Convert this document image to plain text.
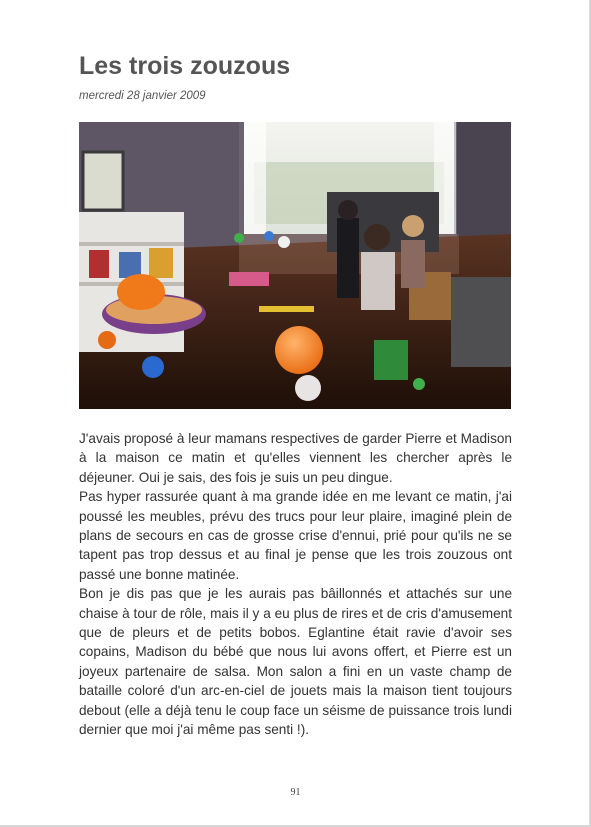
Les trois zouzous
mercredi 28 janvier 2009

J'avais proposé à leur mamans respectives de garder Pierre et Madison à la maison ce matin et qu'elles viennent les chercher après le déjeuner. Oui je sais, des fois je suis un peu dingue.

Pas hyper rassurée quant à ma grande idée en me levant ce matin, j'ai poussé les meubles, prévu des trucs pour leur plaire, imaginé plein de plans de secours en cas de grosse crise d'ennui, prié pour qu'ils ne se tapent pas trop dessus et au final je pense que les trois zouzous ont passé une bonne matinée.

Bon je dis pas que je les aurais pas bâillonnés et attachés sur une chaise à tour de rôle, mais il y a eu plus de rires et de cris d'amusement que de pleurs et de petits bobos. Eglantine était ravie d'avoir ses copains, Madison du bébé que nous lui avons offert, et Pierre est un joyeux partenaire de salsa. Mon salon a fini en un vaste champ de bataille coloré d'un arc-en-ciel de jouets mais la maison tient toujours debout (elle a déjà tenu le coup face un séisme de puissance trois lundi dernier que moi j'ai même pas senti !).

91
